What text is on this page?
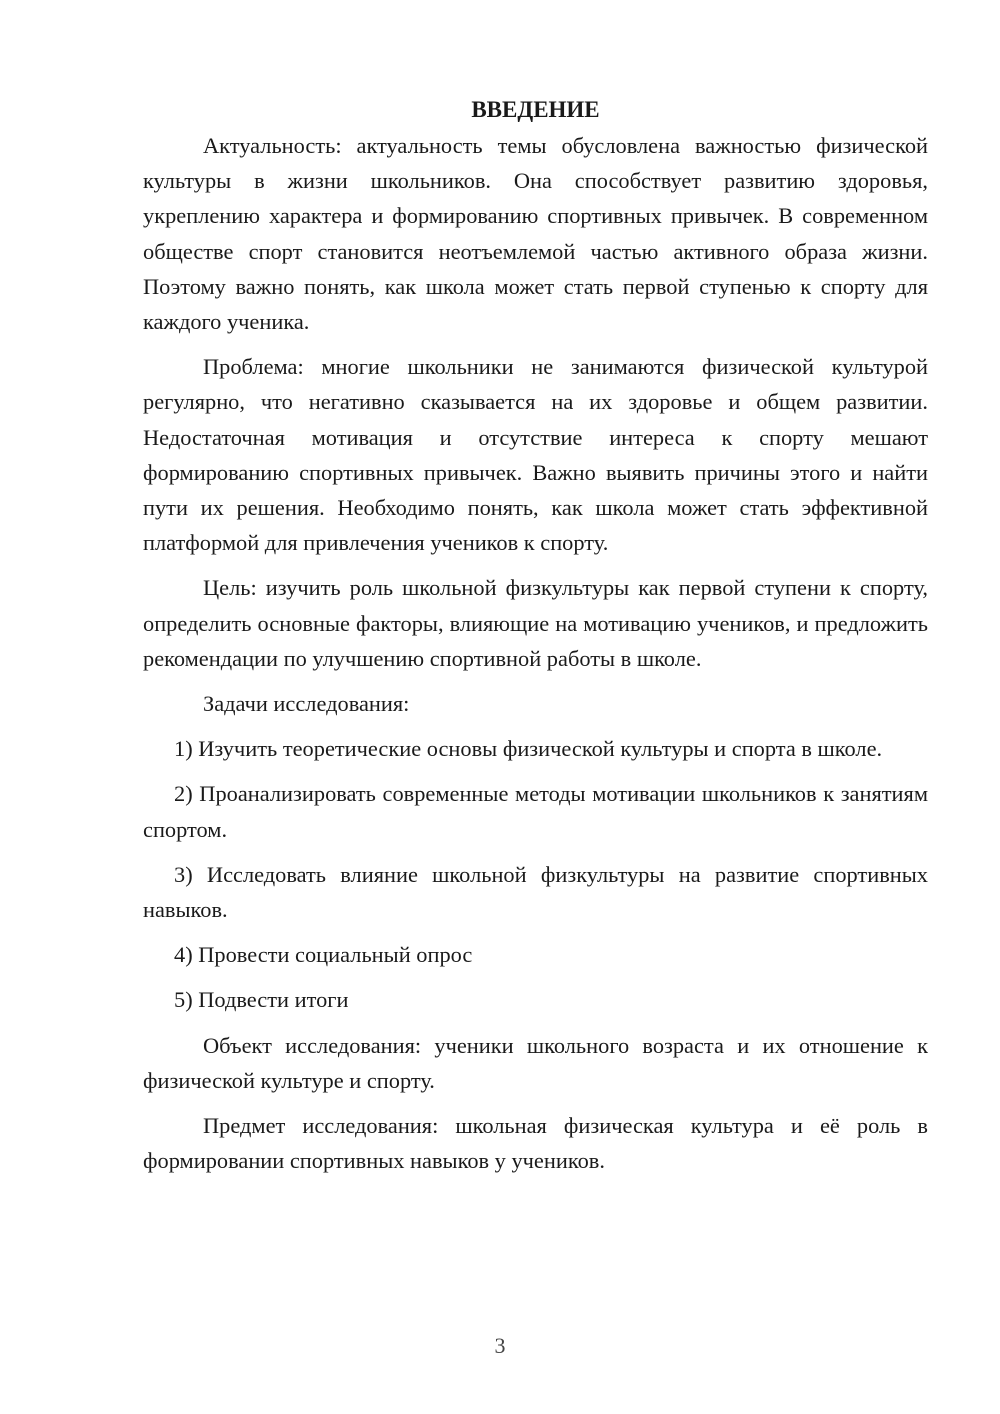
ВВЕДЕНИЕ

Актуальность: актуальность темы обусловлена важностью физической культуры в жизни школьников. Она способствует развитию здоровья, укреплению характера и формированию спортивных привычек. В современном обществе спорт становится неотъемлемой частью активного образа жизни. Поэтому важно понять, как школа может стать первой ступенью к спорту для каждого ученика.

Проблема: многие школьники не занимаются физической культурой регулярно, что негативно сказывается на их здоровье и общем развитии. Недостаточная мотивация и отсутствие интереса к спорту мешают формированию спортивных привычек. Важно выявить причины этого и найти пути их решения. Необходимо понять, как школа может стать эффективной платформой для привлечения учеников к спорту.

Цель: изучить роль школьной физкультуры как первой ступени к спорту, определить основные факторы, влияющие на мотивацию учеников, и предложить рекомендации по улучшению спортивной работы в школе.

Задачи исследования:

1) Изучить теоретические основы физической культуры и спорта в школе.

2) Проанализировать современные методы мотивации школьников к занятиям спортом.

3) Исследовать влияние школьной физкультуры на развитие спортивных навыков.

4) Провести социальный опрос

5) Подвести итоги

Объект исследования: ученики школьного возраста и их отношение к физической культуре и спорту.

Предмет исследования: школьная физическая культура и её роль в формировании спортивных навыков у учеников.

3
